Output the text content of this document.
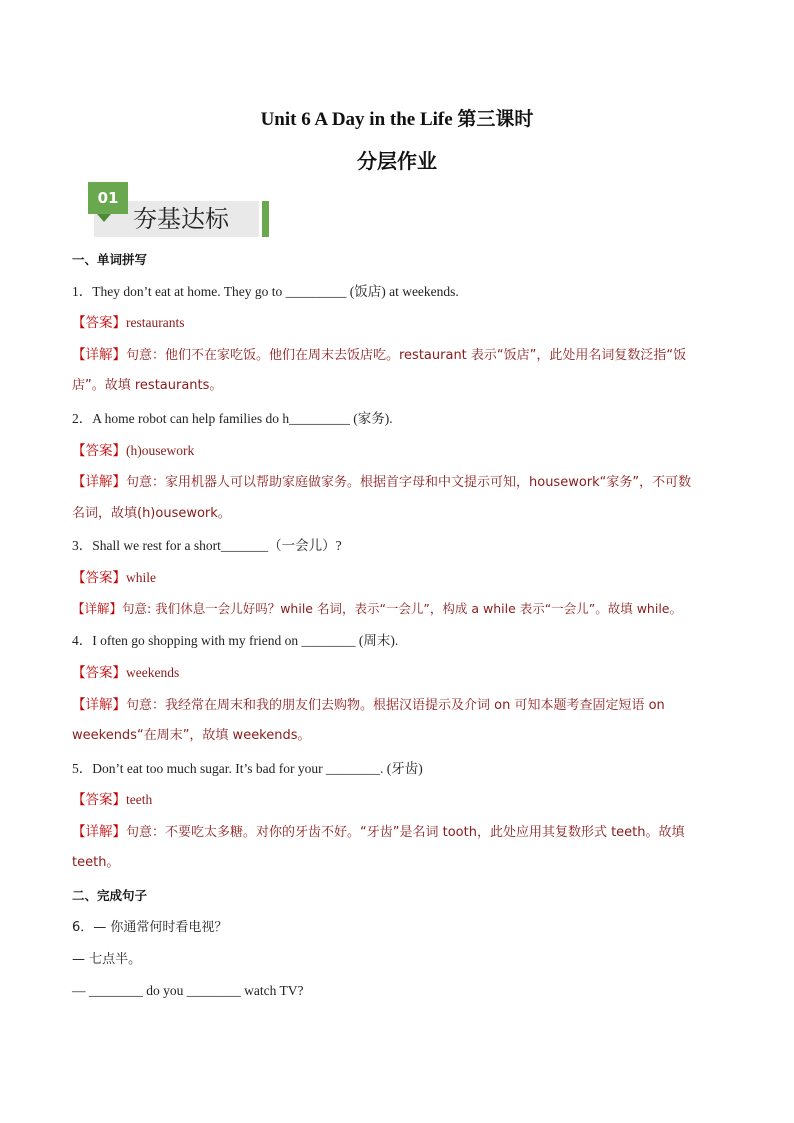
Unit 6 A Day in the Life 第三课时
分层作业
01
夯基达标
一、单词拼写
1．They don’t eat at home. They go to _________ (饭店) at weekends.
【答案】restaurants
【详解】句意：他们不在家吃饭。他们在周末去饭店吃。restaurant 表示“饭店”，此处用名词复数泛指“饭
店”。故填 restaurants。
2．A home robot can help families do h_________ (家务).
【答案】(h)ousework
【详解】句意：家用机器人可以帮助家庭做家务。根据首字母和中文提示可知，housework“家务”，不可数
名词，故填(h)ousework。
3．Shall we rest for a short_______（一会儿）?
【答案】while
【详解】句意: 我们休息一会儿好吗？while 名词，表示“一会儿”，构成 a while 表示“一会儿”。故填 while。
4．I often go shopping with my friend on ________ (周末).
【答案】weekends
【详解】句意：我经常在周末和我的朋友们去购物。根据汉语提示及介词 on 可知本题考查固定短语 on
weekends“在周末”，故填 weekends。
5．Don’t eat too much sugar. It’s bad for your ________. (牙齿)
【答案】teeth
【详解】句意：不要吃太多糖。对你的牙齿不好。“牙齿”是名词 tooth，此处应用其复数形式 teeth。故填
teeth。
二、完成句子
6．— 你通常何时看电视？
— 七点半。
— ________ do you ________ watch TV?
